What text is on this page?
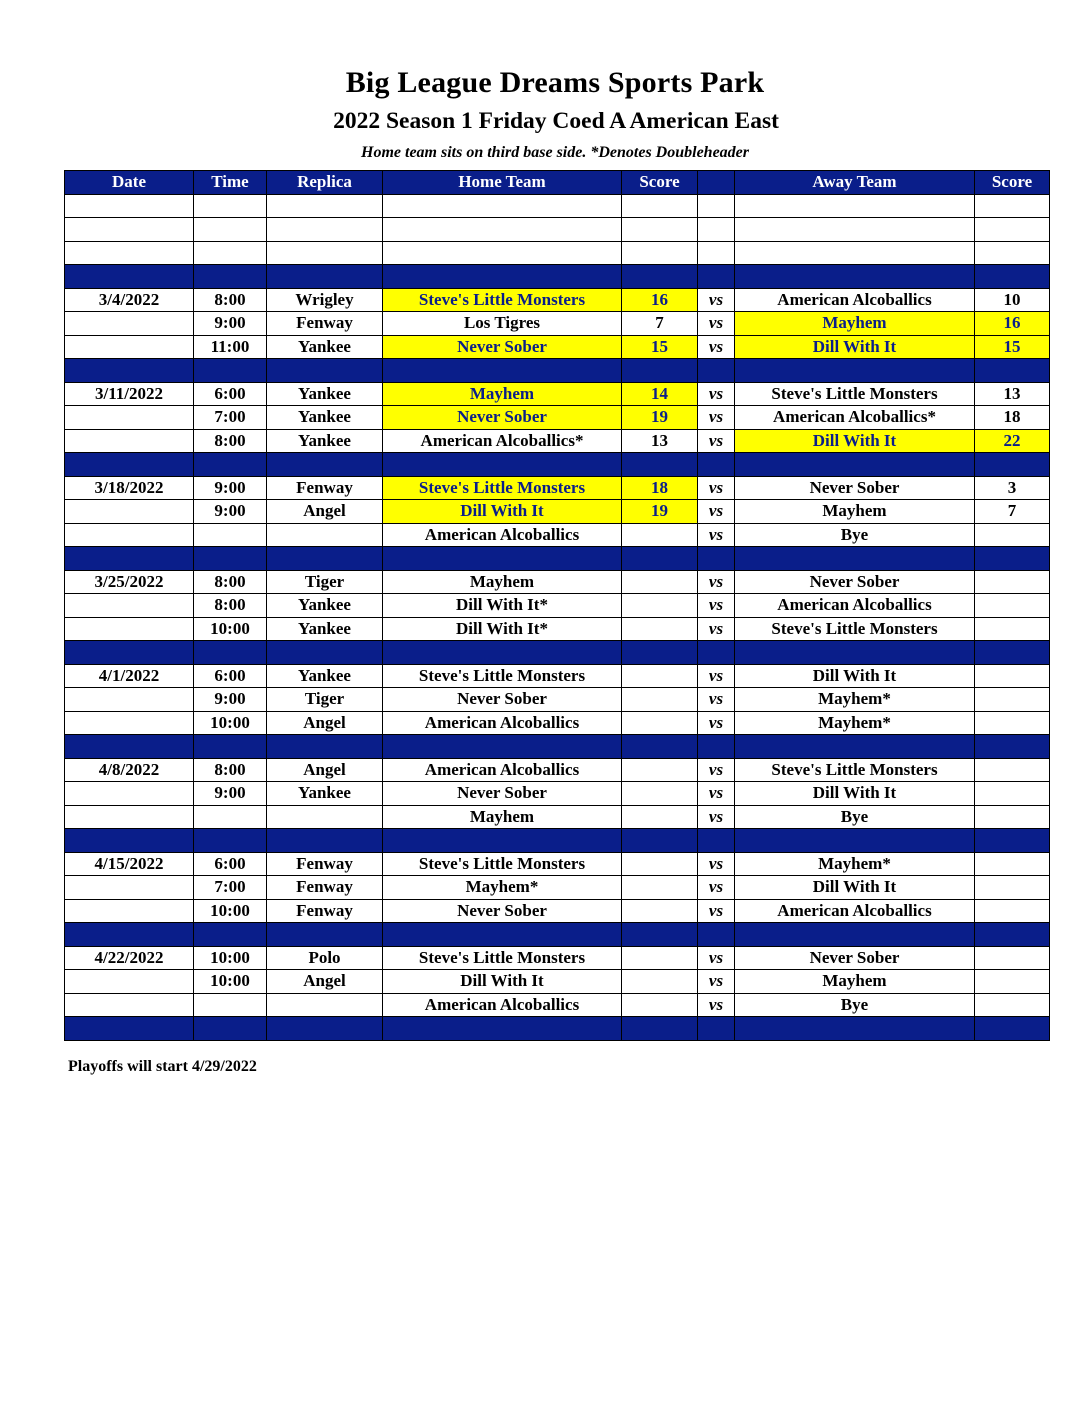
Big League Dreams Sports Park
2022 Season 1 Friday Coed A American East
Home team sits on third base side. *Denotes Doubleheader
Date	Time	Replica	Home Team	Score		Away Team	Score

3/4/2022	8:00	Wrigley	Steve's Little Monsters	16	vs	American Alcoballics	10
	9:00	Fenway	Los Tigres	7	vs	Mayhem	16
	11:00	Yankee	Never Sober	15	vs	Dill With It	15

3/11/2022	6:00	Yankee	Mayhem	14	vs	Steve's Little Monsters	13
	7:00	Yankee	Never Sober	19	vs	American Alcoballics*	18
	8:00	Yankee	American Alcoballics*	13	vs	Dill With It	22

3/18/2022	9:00	Fenway	Steve's Little Monsters	18	vs	Never Sober	3
	9:00	Angel	Dill With It	19	vs	Mayhem	7
			American Alcoballics		vs	Bye	

3/25/2022	8:00	Tiger	Mayhem		vs	Never Sober	
	8:00	Yankee	Dill With It*		vs	American Alcoballics	
	10:00	Yankee	Dill With It*		vs	Steve's Little Monsters	

4/1/2022	6:00	Yankee	Steve's Little Monsters		vs	Dill With It	
	9:00	Tiger	Never Sober		vs	Mayhem*	
	10:00	Angel	American Alcoballics		vs	Mayhem*	

4/8/2022	8:00	Angel	American Alcoballics		vs	Steve's Little Monsters	
	9:00	Yankee	Never Sober		vs	Dill With It	
			Mayhem		vs	Bye	

4/15/2022	6:00	Fenway	Steve's Little Monsters		vs	Mayhem*	
	7:00	Fenway	Mayhem*		vs	Dill With It	
	10:00	Fenway	Never Sober		vs	American Alcoballics	

4/22/2022	10:00	Polo	Steve's Little Monsters		vs	Never Sober	
	10:00	Angel	Dill With It		vs	Mayhem	
			American Alcoballics		vs	Bye	

Playoffs will start 4/29/2022
